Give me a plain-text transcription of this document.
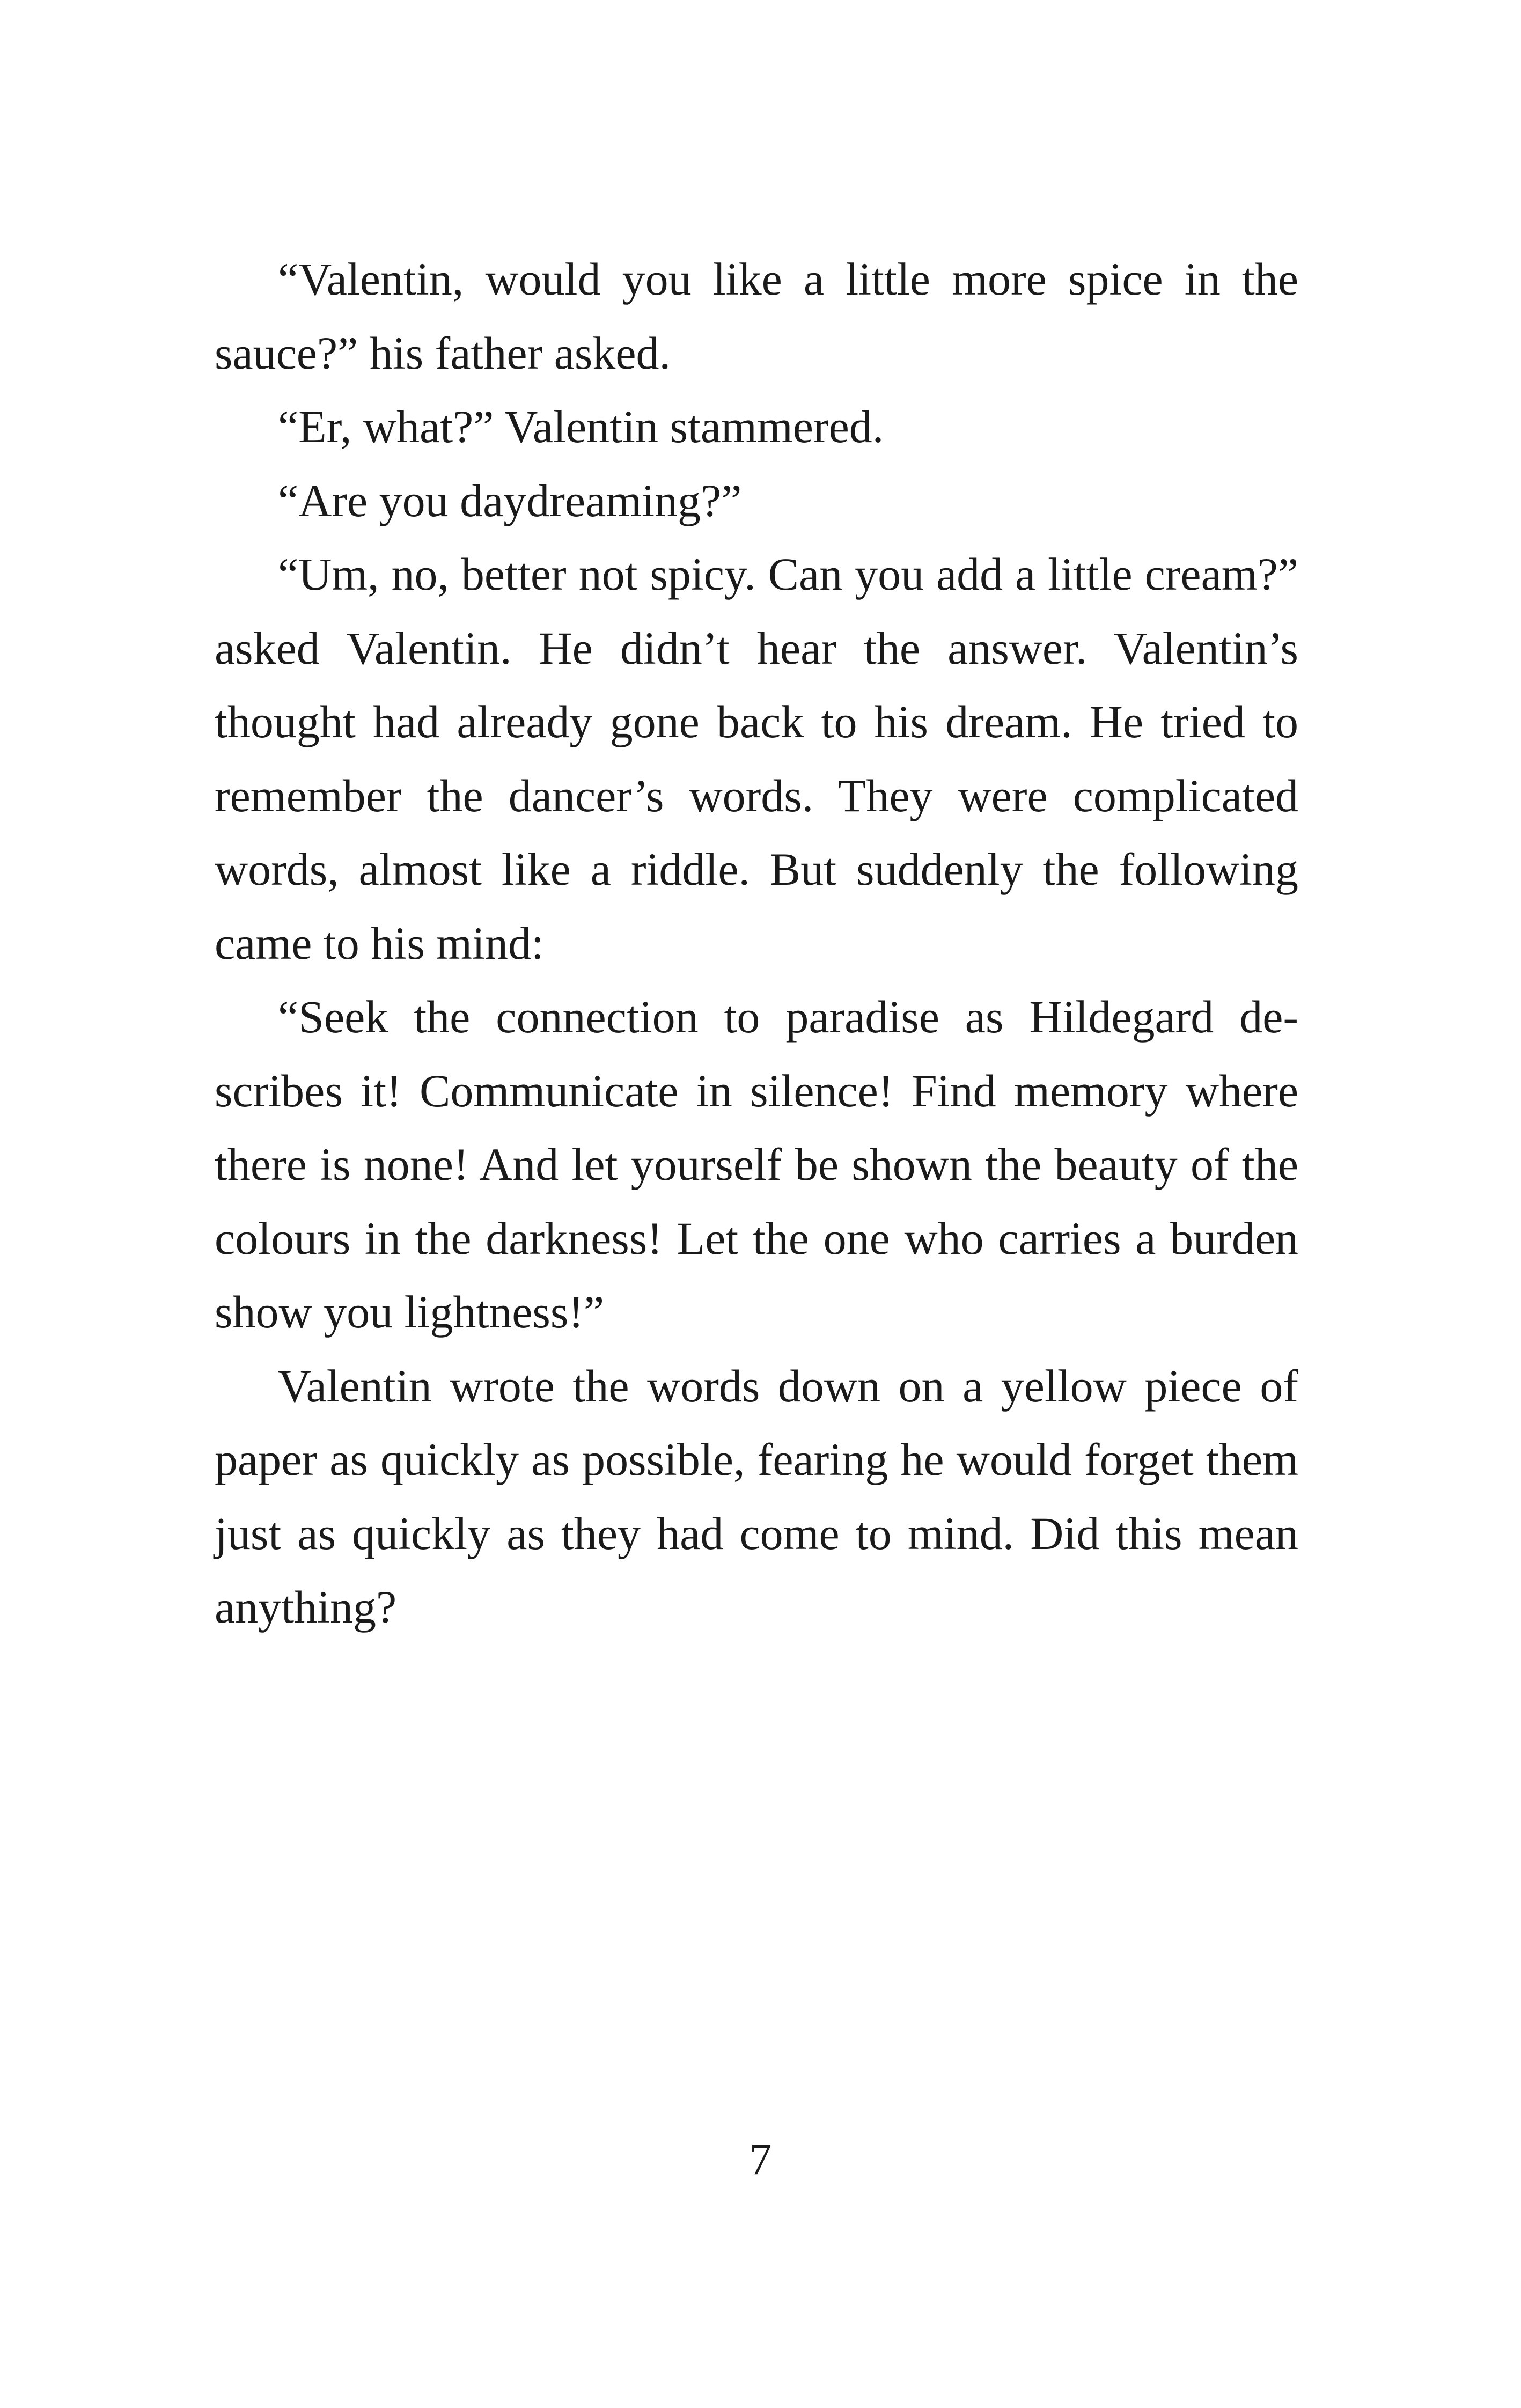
“Valentin, would you like a little more spice in the sauce?” his father asked.

“Er, what?” Valentin stammered.

“Are you daydreaming?”

“Um, no, better not spicy. Can you add a little cream?” asked Valentin. He didn’t hear the answer. Valentin’s thought had already gone back to his dream. He tried to remember the dancer’s words. They were complicated words, almost like a riddle. But suddenly the following came to his mind:

“Seek the connection to paradise as Hildegard describes it! Communicate in silence! Find memory where there is none! And let yourself be shown the beauty of the colours in the darkness! Let the one who carries a burden show you lightness!”

Valentin wrote the words down on a yellow piece of paper as quickly as possible, fearing he would forget them just as quickly as they had come to mind. Did this mean anything?

7
